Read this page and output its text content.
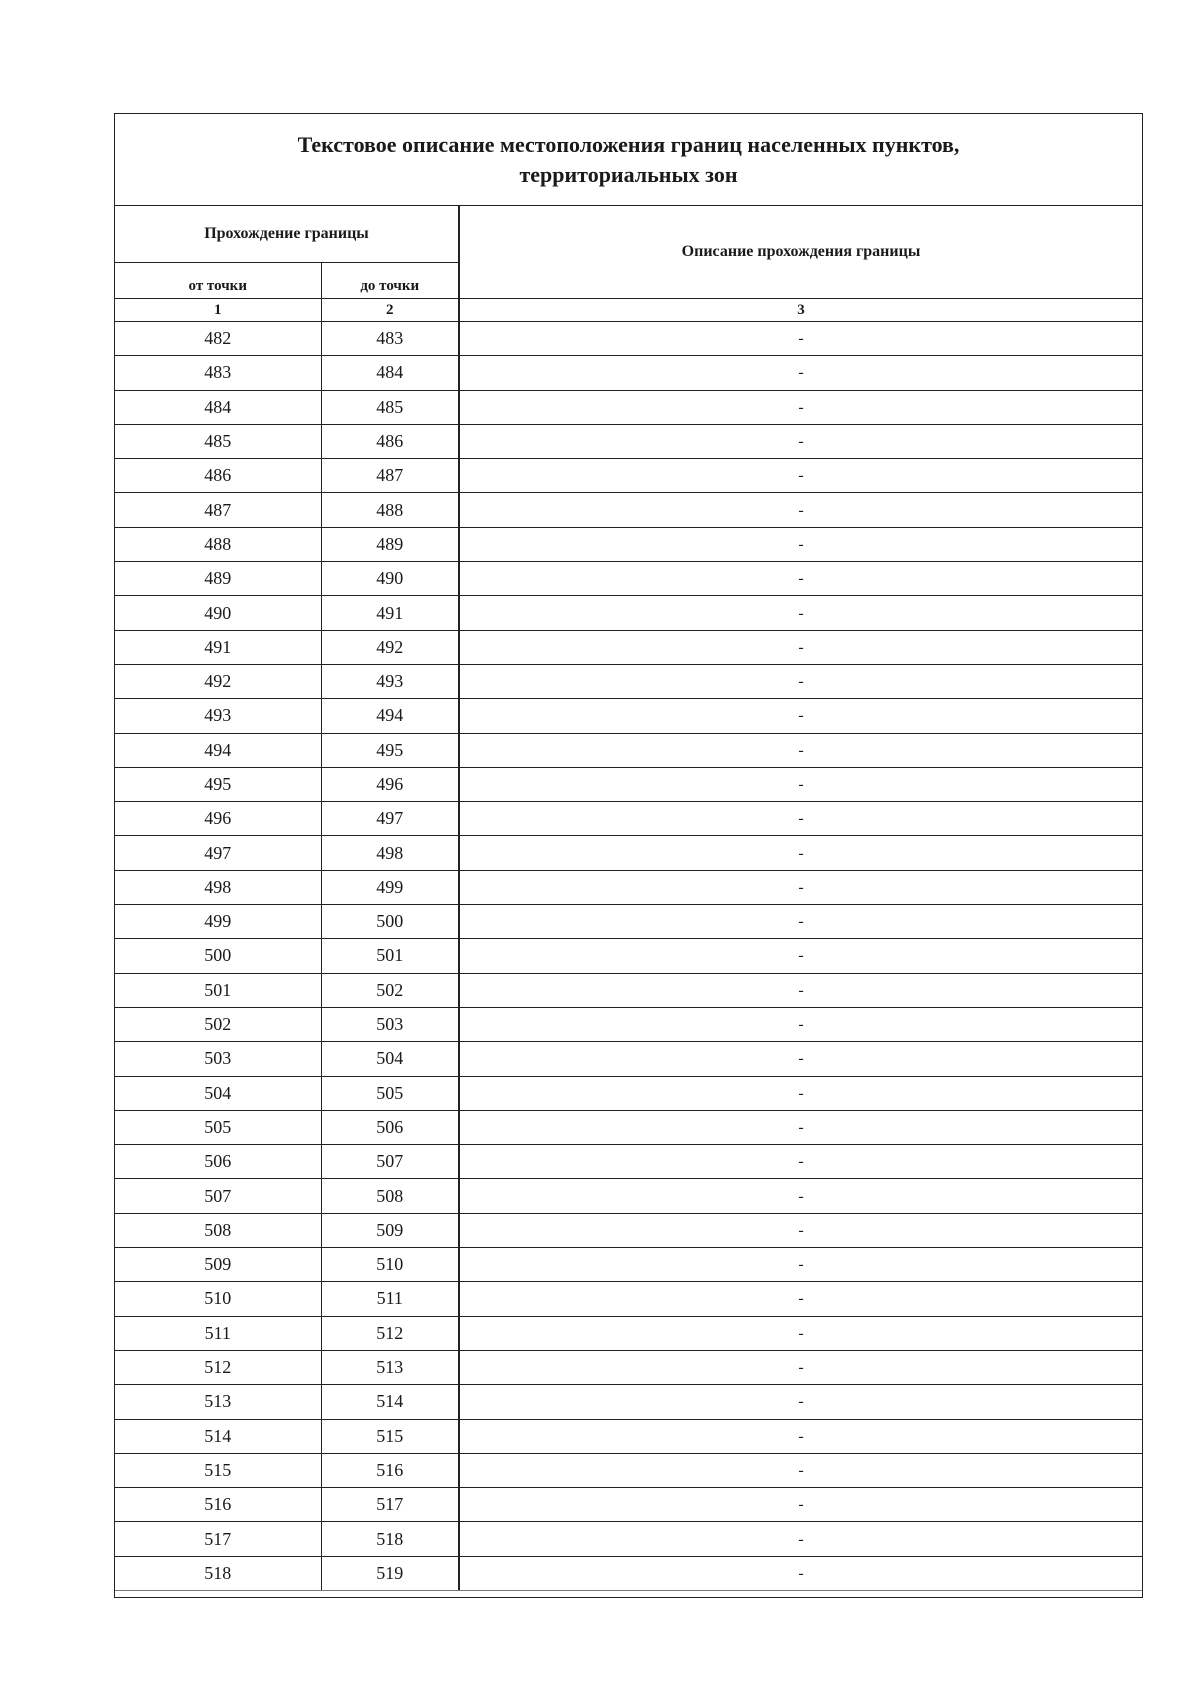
Текстовое описание местоположения границ населенных пунктов,
территориальных зон
Прохождение границы		Описание прохождения границы
от точки	до точки	
1	2	3
482	483	-
483	484	-
484	485	-
485	486	-
486	487	-
487	488	-
488	489	-
489	490	-
490	491	-
491	492	-
492	493	-
493	494	-
494	495	-
495	496	-
496	497	-
497	498	-
498	499	-
499	500	-
500	501	-
501	502	-
502	503	-
503	504	-
504	505	-
505	506	-
506	507	-
507	508	-
508	509	-
509	510	-
510	511	-
511	512	-
512	513	-
513	514	-
514	515	-
515	516	-
516	517	-
517	518	-
518	519	-
